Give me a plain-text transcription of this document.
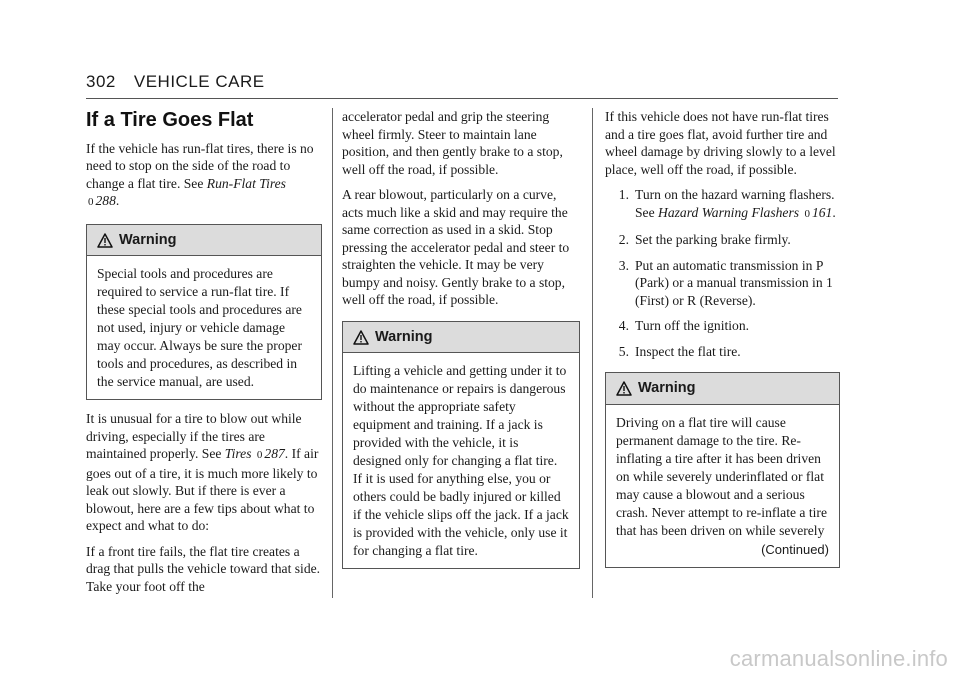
302 VEHICLE CARE
If a Tire Goes Flat

If the vehicle has run-flat tires, there is no need to stop on the side of the road to change a flat tire. See Run-Flat Tires 0 288.

Warning
Special tools and procedures are required to service a run-flat tire. If these special tools and procedures are not used, injury or vehicle damage may occur. Always be sure the proper tools and procedures, as described in the service manual, are used.

It is unusual for a tire to blow out while driving, especially if the tires are maintained properly. See Tires 0 287. If air goes out of a tire, it is much more likely to leak out slowly. But if there is ever a blowout, here are a few tips about what to expect and what to do:

If a front tire fails, the flat tire creates a drag that pulls the vehicle toward that side. Take your foot off the

accelerator pedal and grip the steering wheel firmly. Steer to maintain lane position, and then gently brake to a stop, well off the road, if possible.

A rear blowout, particularly on a curve, acts much like a skid and may require the same correction as used in a skid. Stop pressing the accelerator pedal and steer to straighten the vehicle. It may be very bumpy and noisy. Gently brake to a stop, well off the road, if possible.

Warning
Lifting a vehicle and getting under it to do maintenance or repairs is dangerous without the appropriate safety equipment and training. If a jack is provided with the vehicle, it is designed only for changing a flat tire. If it is used for anything else, you or others could be badly injured or killed if the vehicle slips off the jack. If a jack is provided with the vehicle, only use it for changing a flat tire.

If this vehicle does not have run-flat tires and a tire goes flat, avoid further tire and wheel damage by driving slowly to a level place, well off the road, if possible.

1. Turn on the hazard warning flashers. See Hazard Warning Flashers 0 161.
2. Set the parking brake firmly.
3. Put an automatic transmission in P (Park) or a manual transmission in 1 (First) or R (Reverse).
4. Turn off the ignition.
5. Inspect the flat tire.
Warning
Driving on a flat tire will cause permanent damage to the tire. Re-inflating a tire after it has been driven on while severely underinflated or flat may cause a blowout and a serious crash. Never attempt to re-inflate a tire that has been driven on while severely
(Continued)
carmanualsonline.info
